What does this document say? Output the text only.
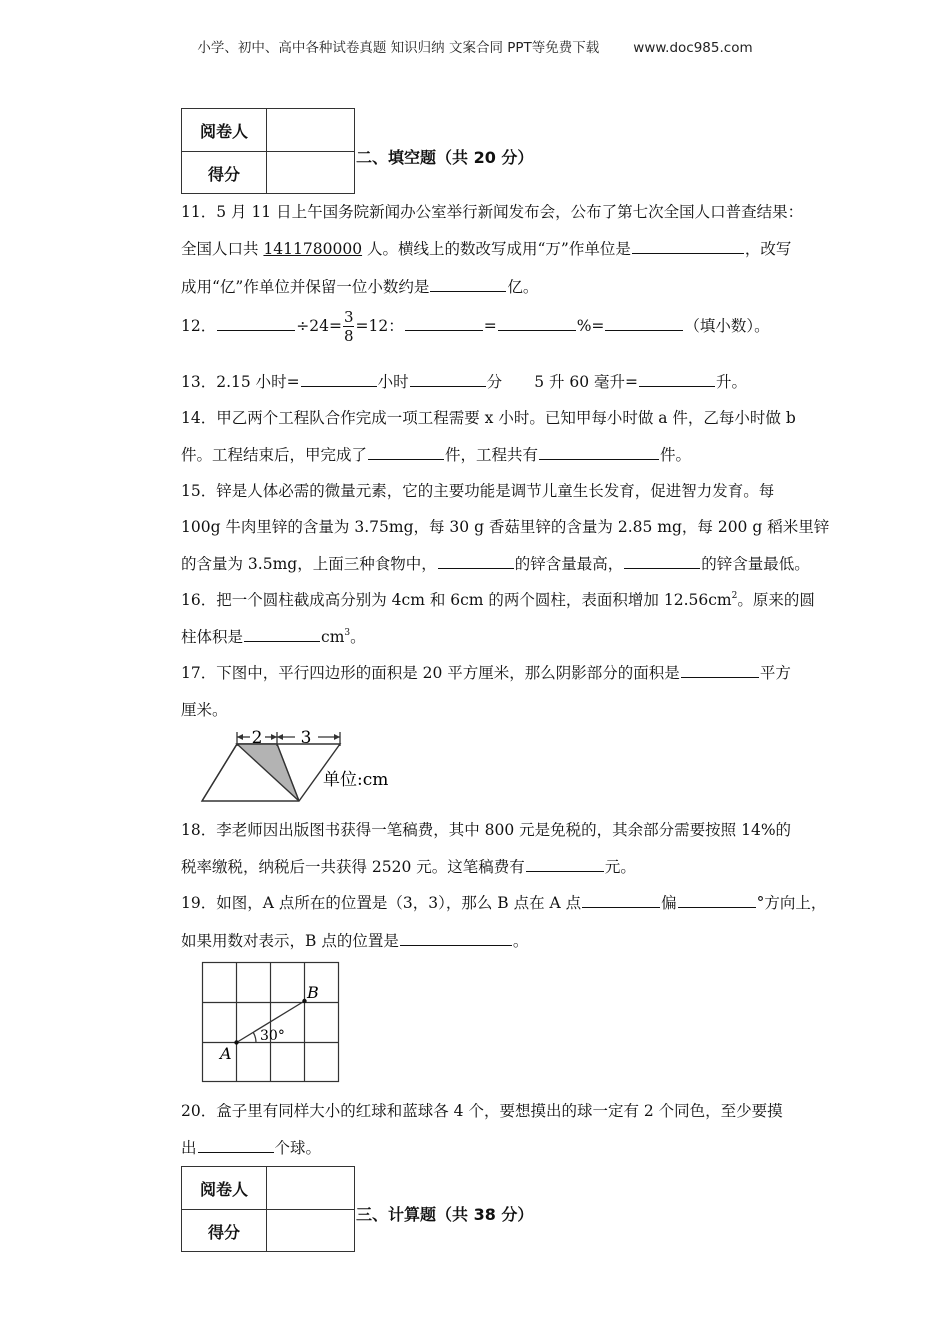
小学、初中、高中各种试卷真题 知识归纳 文案合同 PPT等免费下载	www.doc985.com
阅卷人
得分
二、填空题（共 20 分）
11．5 月 11 日上午国务院新闻办公室举行新闻发布会，公布了第七次全国人口普查结果：
全国人口共 1411780000 人。横线上的数改写成用“万”作单位是	，改写
成用“亿”作单位并保留一位小数约是	亿。
12．	$\div 24= \frac{3}{8} =12$：	=	%=	（填小数）。
13．2.15 小时=	小时	分 5 升 60 毫升=	升。
14．甲乙两个工程队合作完成一项工程需要 x 小时。已知甲每小时做 a 件，乙每小时做 b
件。工程结束后，甲完成了	件，工程共有	件。
15．锌是人体必需的微量元素，它的主要功能是调节儿童生长发育，促进智力发育。每
100g 牛肉里锌的含量为 3.75mg，每 30 g 香菇里锌的含量为 2.85 mg，每 200 g 稻米里锌
的含量为 3.5mg，上面三种食物中，	的锌含量最高，	的锌含量最低。
16．把一个圆柱截成高分别为 4cm 和 6cm 的两个圆柱，表面积增加 $12.56cm^2$。原来的圆
柱体积是	$cm^3$。
17．下图中，平行四边形的面积是 20 平方厘米，那么阴影部分的面积是	平方
厘米。
2 3
单位:cm
18．李老师因出版图书获得一笔稿费，其中 800 元是免税的，其余部分需要按照 14%的
税率缴税，纳税后一共获得 2520 元。这笔稿费有	元。
19．如图，A 点所在的位置是（3，3），那么 B 点在 A 点	偏	°方向上，
如果用数对表示，B 点的位置是	。
A
B
30°
20．盒子里有同样大小的红球和蓝球各 4 个，要想摸出的球一定有 2 个同色，至少要摸
出	个球。
阅卷人
得分
三、计算题（共 38 分）
